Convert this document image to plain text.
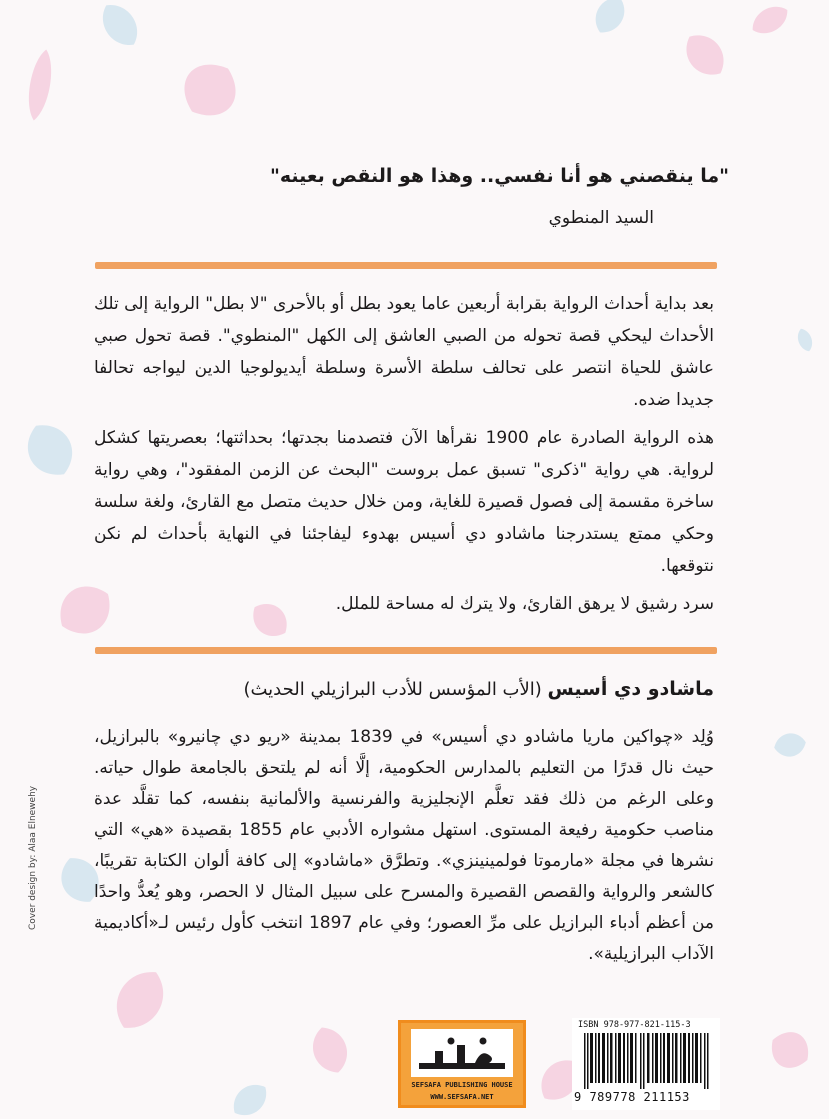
"ما ينقصني هو أنا نفسي.. وهذا هو النقص بعينه"

السيد المنطوي

بعد بداية أحداث الرواية بقرابة أربعين عاما يعود بطل أو بالأحرى "لا بطل" الرواية إلى تلك الأحداث ليحكي قصة تحوله من الصبي العاشق إلى الكهل "المنطوي". قصة تحول صبي عاشق للحياة انتصر على تحالف سلطة الأسرة وسلطة أيديولوجيا الدين ليواجه تحالفا جديدا ضده.

هذه الرواية الصادرة عام 1900 نقرأها الآن فتصدمنا بجدتها؛ بحداثتها؛ بعصريتها كشكل لرواية. هي رواية "ذكرى" تسبق عمل بروست "البحث عن الزمن المفقود"، وهي رواية ساخرة مقسمة إلى فصول قصيرة للغاية، ومن خلال حديث متصل مع القارئ، ولغة سلسة وحكي ممتع يستدرجنا ماشادو دي أسيس بهدوء ليفاجئنا في النهاية بأحداث لم نكن نتوقعها.

سرد رشيق لا يرهق القارئ، ولا يترك له مساحة للملل.

ماشادو دي أسيس (الأب المؤسس للأدب البرازيلي الحديث)

وُلِد «چواكين ماريا ماشادو دي أسيس» في 1839 بمدينة «ريو دي چانيرو» بالبرازيل، حيث نال قدرًا من التعليم بالمدارس الحكومية، إلَّا أنه لم يلتحق بالجامعة طوال حياته. وعلى الرغم من ذلك فقد تعلَّم الإنجليزية والفرنسية والألمانية بنفسه، كما تقلَّد عدة مناصب حكومية رفيعة المستوى. استهل مشواره الأدبي عام 1855 بقصيدة «هي» التي نشرها في مجلة «مارموتا فولمينينزي». وتطرَّق «ماشادو» إلى كافة ألوان الكتابة تقريبًا، كالشعر والرواية والقصص القصيرة والمسرح على سبيل المثال لا الحصر، وهو يُعدُّ واحدًا من أعظم أدباء البرازيل على مرِّ العصور؛ وفي عام 1897 انتخب كأول رئيس لـ«أكاديمية الآداب البرازيلية».

Cover design by: Alaa Elnewehy
SEFSAFA PUBLISHING HOUSE
WWW.SEFSAFA.NET
ISBN 978-977-821-115-3
9 789778 211153
